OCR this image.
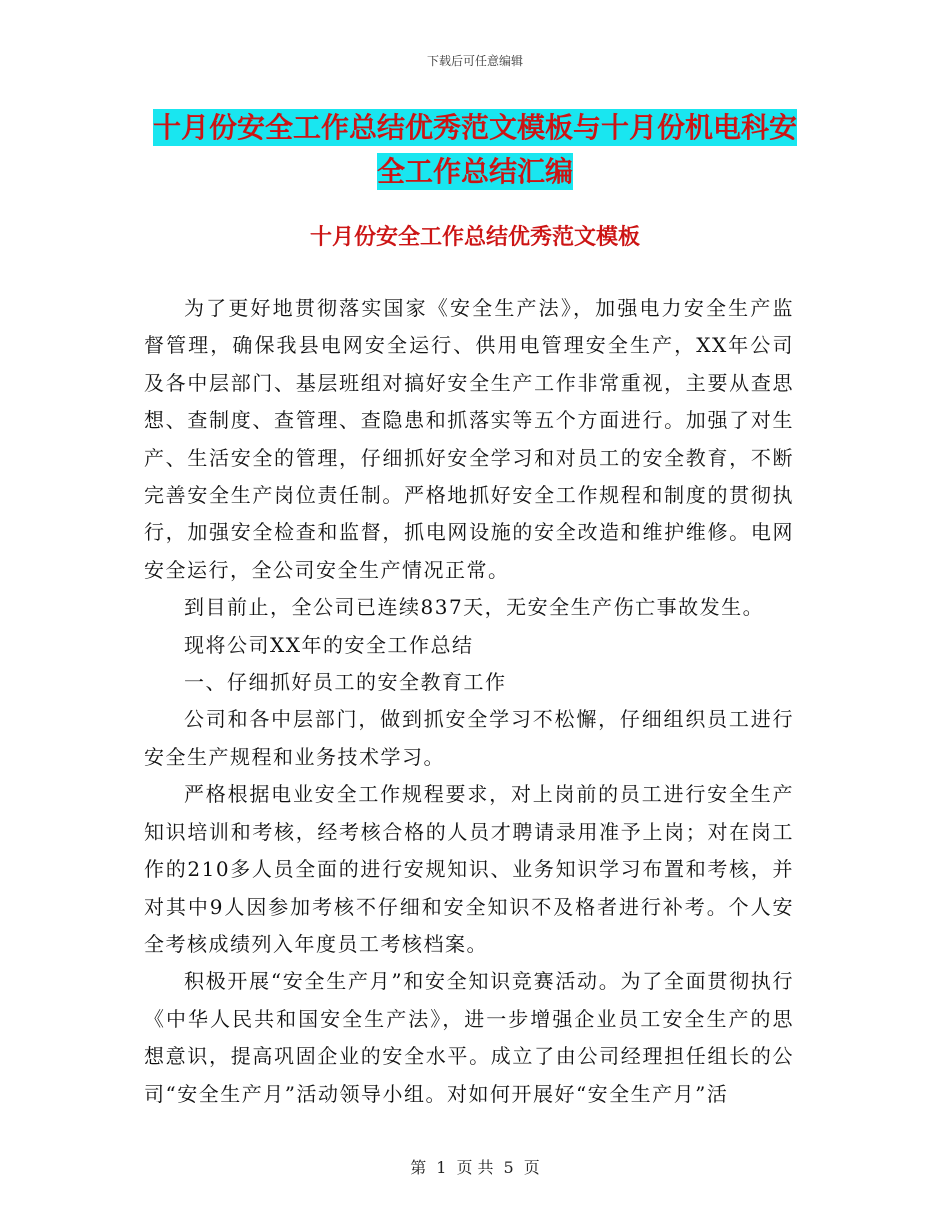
下载后可任意编辑
十月份安全工作总结优秀范文模板与十月份机电科安
全工作总结汇编
十月份安全工作总结优秀范文模板

为了更好地贯彻落实国家《安全生产法》，加强电力安全生产监督管理，确保我县电网安全运行、供用电管理安全生产，XX年公司及各中层部门、基层班组对搞好安全生产工作非常重视，主要从查思想、查制度、查管理、查隐患和抓落实等五个方面进行。加强了对生产、生活安全的管理，仔细抓好安全学习和对员工的安全教育，不断完善安全生产岗位责任制。严格地抓好安全工作规程和制度的贯彻执行，加强安全检查和监督，抓电网设施的安全改造和维护维修。电网安全运行，全公司安全生产情况正常。

到目前止，全公司已连续837天，无安全生产伤亡事故发生。

现将公司XX年的安全工作总结

一、仔细抓好员工的安全教育工作

公司和各中层部门，做到抓安全学习不松懈，仔细组织员工进行安全生产规程和业务技术学习。

严格根据电业安全工作规程要求，对上岗前的员工进行安全生产知识培训和考核，经考核合格的人员才聘请录用准予上岗；对在岗工作的210多人员全面的进行安规知识、业务知识学习布置和考核，并对其中9人因参加考核不仔细和安全知识不及格者进行补考。个人安全考核成绩列入年度员工考核档案。

积极开展“安全生产月”和安全知识竞赛活动。为了全面贯彻执行《中华人民共和国安全生产法》，进一步增强企业员工安全生产的思想意识，提高巩固企业的安全水平。成立了由公司经理担任组长的公司“安全生产月”活动领导小组。对如何开展好“安全生产月”活

第 1 页 共 5 页
